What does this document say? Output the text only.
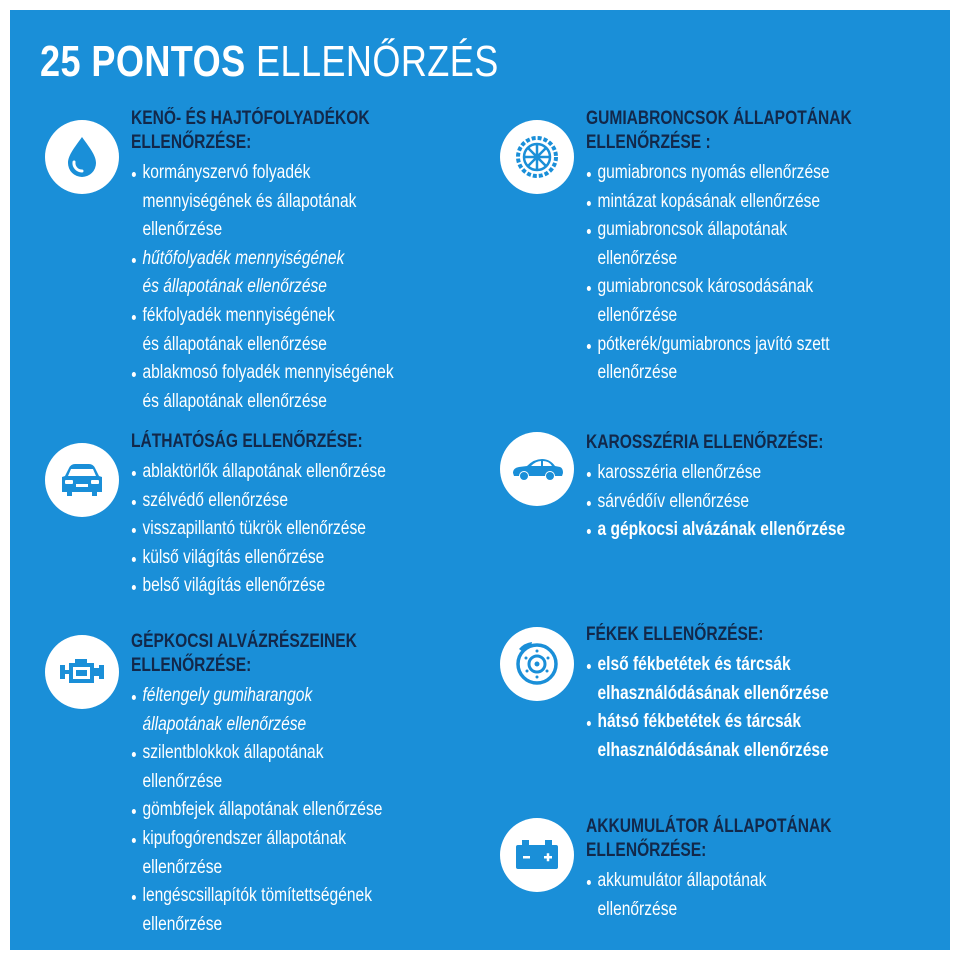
25 PONTOS ELLENŐRZÉS
KENŐ- ÉS HAJTÓFOLYADÉKOK
ELLENŐRZÉSE:
kormányszervó folyadék
mennyiségének és állapotának
ellenőrzése
hűtőfolyadék mennyiségének
és állapotának ellenőrzése
fékfolyadék mennyiségének
és állapotának ellenőrzése
ablakmosó folyadék mennyiségének
és állapotának ellenőrzése
LÁTHATÓSÁG ELLENŐRZÉSE:
ablaktörlők állapotának ellenőrzése
szélvédő ellenőrzése
visszapillantó tükrök ellenőrzése
külső világítás ellenőrzése
belső világítás ellenőrzése
GÉPKOCSI ALVÁZRÉSZEINEK
ELLENŐRZÉSE:
féltengely gumiharangok
állapotának ellenőrzése
szilentblokkok állapotának
ellenőrzése
gömbfejek állapotának ellenőrzése
kipufogórendszer állapotának
ellenőrzése
lengéscsillapítók tömítettségének
ellenőrzése
GUMIABRONCSOK ÁLLAPOTÁNAK
ELLENŐRZÉSE :
gumiabroncs nyomás ellenőrzése
mintázat kopásának ellenőrzése
gumiabroncsok állapotának
ellenőrzése
gumiabroncsok károsodásának
ellenőrzése
pótkerék/gumiabroncs javító szett
ellenőrzése
KAROSSZÉRIA ELLENŐRZÉSE:
karosszéria ellenőrzése
sárvédőív ellenőrzése
a gépkocsi alvázának ellenőrzése
FÉKEK ELLENŐRZÉSE:
első fékbetétek és tárcsák
elhasználódásának ellenőrzése
hátsó fékbetétek és tárcsák
elhasználódásának ellenőrzése
AKKUMULÁTOR ÁLLAPOTÁNAK
ELLENŐRZÉSE:
akkumulátor állapotának
ellenőrzése
